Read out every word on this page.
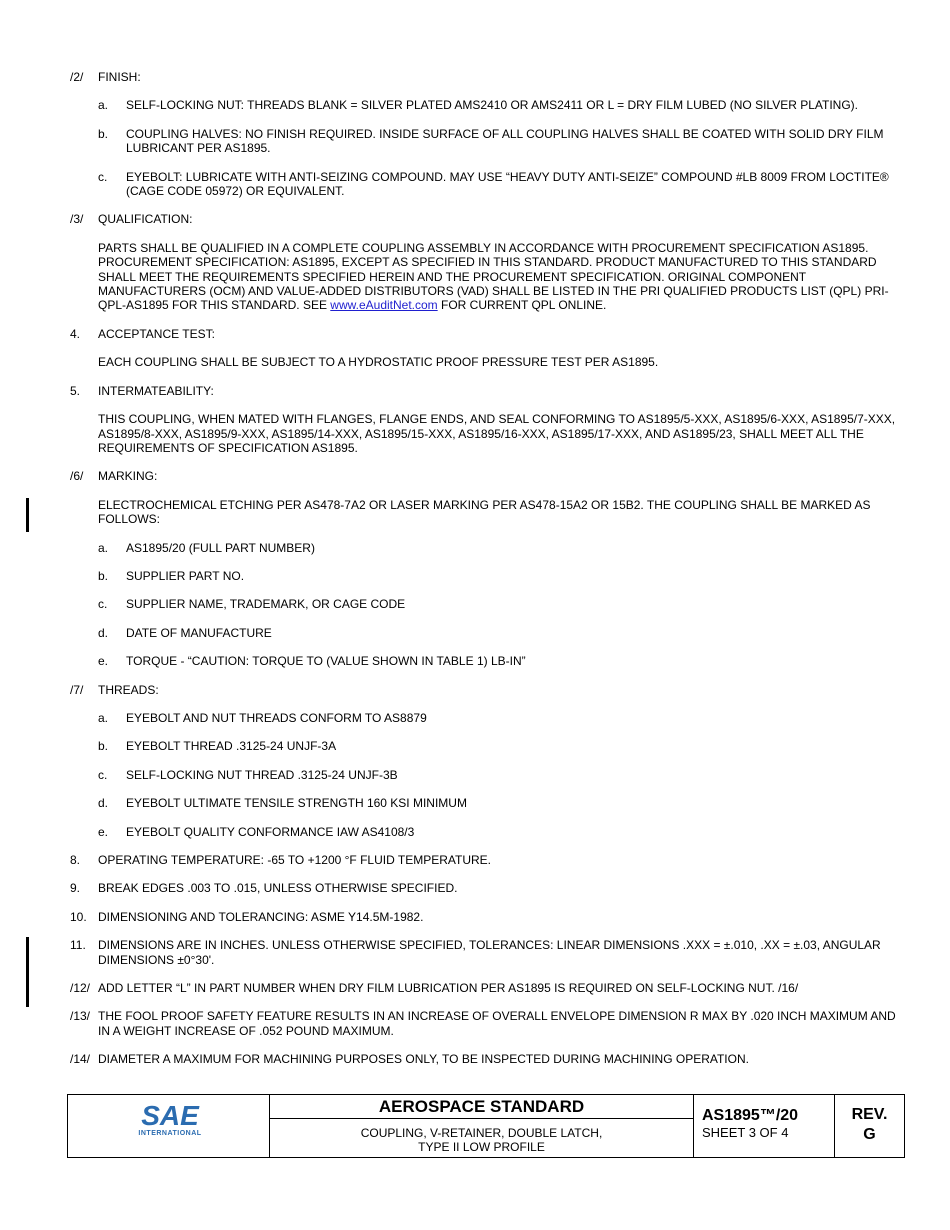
/2/ FINISH:
a. SELF-LOCKING NUT: THREADS BLANK = SILVER PLATED AMS2410 OR AMS2411 OR L = DRY FILM LUBED (NO SILVER PLATING).
b. COUPLING HALVES: NO FINISH REQUIRED. INSIDE SURFACE OF ALL COUPLING HALVES SHALL BE COATED WITH SOLID DRY FILM LUBRICANT PER AS1895.
c. EYEBOLT: LUBRICATE WITH ANTI-SEIZING COMPOUND. MAY USE “HEAVY DUTY ANTI-SEIZE” COMPOUND #LB 8009 FROM LOCTITE® (CAGE CODE 05972) OR EQUIVALENT.
/3/ QUALIFICATION:
PARTS SHALL BE QUALIFIED IN A COMPLETE COUPLING ASSEMBLY IN ACCORDANCE WITH PROCUREMENT SPECIFICATION AS1895. PROCUREMENT SPECIFICATION: AS1895, EXCEPT AS SPECIFIED IN THIS STANDARD. PRODUCT MANUFACTURED TO THIS STANDARD SHALL MEET THE REQUIREMENTS SPECIFIED HEREIN AND THE PROCUREMENT SPECIFICATION. ORIGINAL COMPONENT MANUFACTURERS (OCM) AND VALUE-ADDED DISTRIBUTORS (VAD) SHALL BE LISTED IN THE PRI QUALIFIED PRODUCTS LIST (QPL) PRI-QPL-AS1895 FOR THIS STANDARD. SEE www.eAuditNet.com FOR CURRENT QPL ONLINE.
4. ACCEPTANCE TEST:
EACH COUPLING SHALL BE SUBJECT TO A HYDROSTATIC PROOF PRESSURE TEST PER AS1895.
5. INTERMATEABILITY:
THIS COUPLING, WHEN MATED WITH FLANGES, FLANGE ENDS, AND SEAL CONFORMING TO AS1895/5-XXX, AS1895/6-XXX, AS1895/7-XXX, AS1895/8-XXX, AS1895/9-XXX, AS1895/14-XXX, AS1895/15-XXX, AS1895/16-XXX, AS1895/17-XXX, AND AS1895/23, SHALL MEET ALL THE REQUIREMENTS OF SPECIFICATION AS1895.
/6/ MARKING:
ELECTROCHEMICAL ETCHING PER AS478-7A2 OR LASER MARKING PER AS478-15A2 OR 15B2. THE COUPLING SHALL BE MARKED AS FOLLOWS:
a. AS1895/20 (FULL PART NUMBER)
b. SUPPLIER PART NO.
c. SUPPLIER NAME, TRADEMARK, OR CAGE CODE
d. DATE OF MANUFACTURE
e. TORQUE - “CAUTION: TORQUE TO (VALUE SHOWN IN TABLE 1) LB-IN”
/7/ THREADS:
a. EYEBOLT AND NUT THREADS CONFORM TO AS8879
b. EYEBOLT THREAD .3125-24 UNJF-3A
c. SELF-LOCKING NUT THREAD .3125-24 UNJF-3B
d. EYEBOLT ULTIMATE TENSILE STRENGTH 160 KSI MINIMUM
e. EYEBOLT QUALITY CONFORMANCE IAW AS4108/3
8. OPERATING TEMPERATURE: -65 TO +1200 °F FLUID TEMPERATURE.
9. BREAK EDGES .003 TO .015, UNLESS OTHERWISE SPECIFIED.
10. DIMENSIONING AND TOLERANCING: ASME Y14.5M-1982.
11. DIMENSIONS ARE IN INCHES. UNLESS OTHERWISE SPECIFIED, TOLERANCES: LINEAR DIMENSIONS .XXX = ±.010, .XX = ±.03, ANGULAR DIMENSIONS ±0°30'.
/12/ ADD LETTER “L” IN PART NUMBER WHEN DRY FILM LUBRICATION PER AS1895 IS REQUIRED ON SELF-LOCKING NUT. /16/
/13/ THE FOOL PROOF SAFETY FEATURE RESULTS IN AN INCREASE OF OVERALL ENVELOPE DIMENSION R MAX BY .020 INCH MAXIMUM AND IN A WEIGHT INCREASE OF .052 POUND MAXIMUM.
/14/ DIAMETER A MAXIMUM FOR MACHINING PURPOSES ONLY, TO BE INSPECTED DURING MACHINING OPERATION.
SAE
INTERNATIONAL
AEROSPACE STANDARD
COUPLING, V-RETAINER, DOUBLE LATCH,
TYPE II LOW PROFILE
AS1895™/20
SHEET 3 OF 4
REV.
G
